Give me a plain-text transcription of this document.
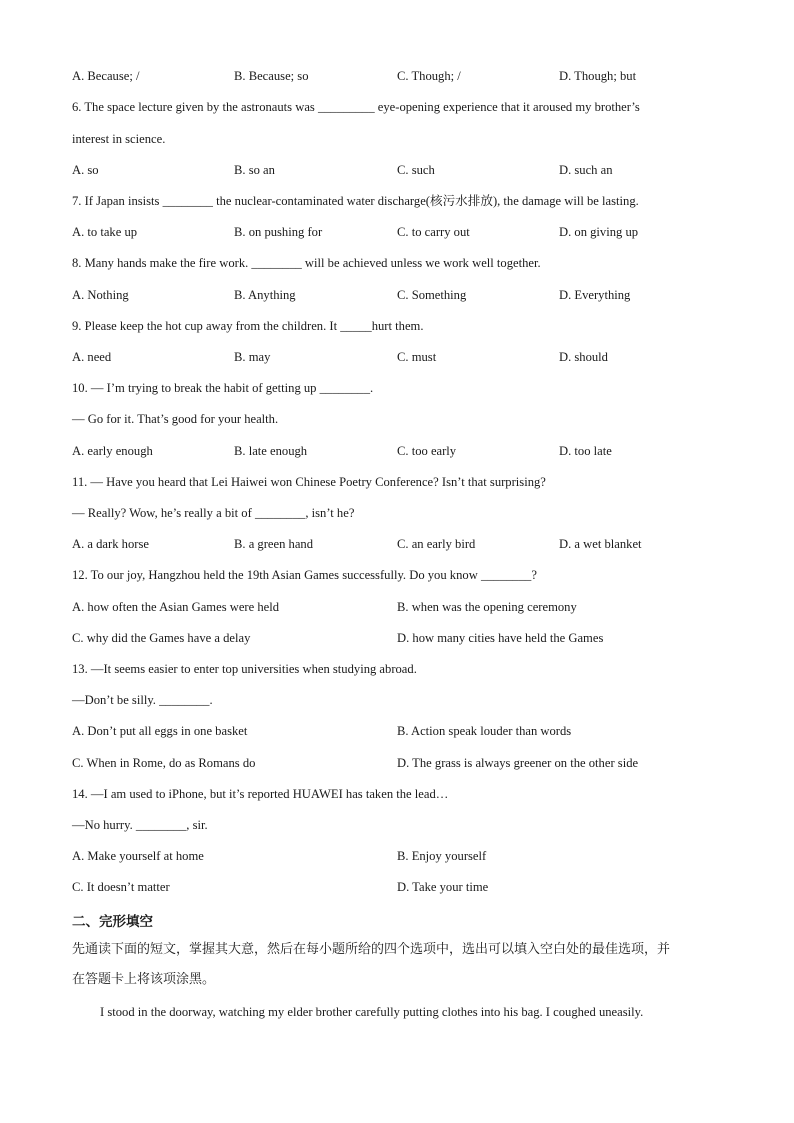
A. Because; /	B. Because; so	C. Though; /	D. Though; but
6. The space lecture given by the astronauts was _________ eye-opening experience that it aroused my brother’s
interest in science.
A. so	B. so an	C. such	D. such an
7. If Japan insists ________ the nuclear-contaminated water discharge(核污水排放), the damage will be lasting.
A. to take up	B. on pushing for	C. to carry out	D. on giving up
8. Many hands make the fire work. ________ will be achieved unless we work well together.
A. Nothing	B. Anything	C. Something	D. Everything
9. Please keep the hot cup away from the children. It _____hurt them.
A. need	B. may	C. must	D. should
10. — I’m trying to break the habit of getting up ________.
— Go for it. That’s good for your health.
A. early enough	B. late enough	C. too early	D. too late
11. — Have you heard that Lei Haiwei won Chinese Poetry Conference? Isn’t that surprising?
— Really? Wow, he’s really a bit of ________, isn’t he?
A. a dark horse	B. a green hand	C. an early bird	D. a wet blanket
12. To our joy, Hangzhou held the 19th Asian Games successfully. Do you know ________?
A. how often the Asian Games were held	B. when was the opening ceremony
C. why did the Games have a delay	D. how many cities have held the Games
13. —It seems easier to enter top universities when studying abroad.
—Don’t be silly. ________.
A. Don’t put all eggs in one basket	B. Action speak louder than words
C. When in Rome, do as Romans do	D. The grass is always greener on the other side
14. —I am used to iPhone, but it’s reported HUAWEI has taken the lead…
—No hurry. ________, sir.
A. Make yourself at home	B. Enjoy yourself
C. It doesn’t matter	D. Take your time
二、完形填空
先通读下面的短文，掌握其大意，然后在每小题所给的四个选项中，选出可以填入空白处的最佳选项，并
在答题卡上将该项涂黑。
I stood in the doorway, watching my elder brother carefully putting clothes into his bag. I coughed uneasily.
